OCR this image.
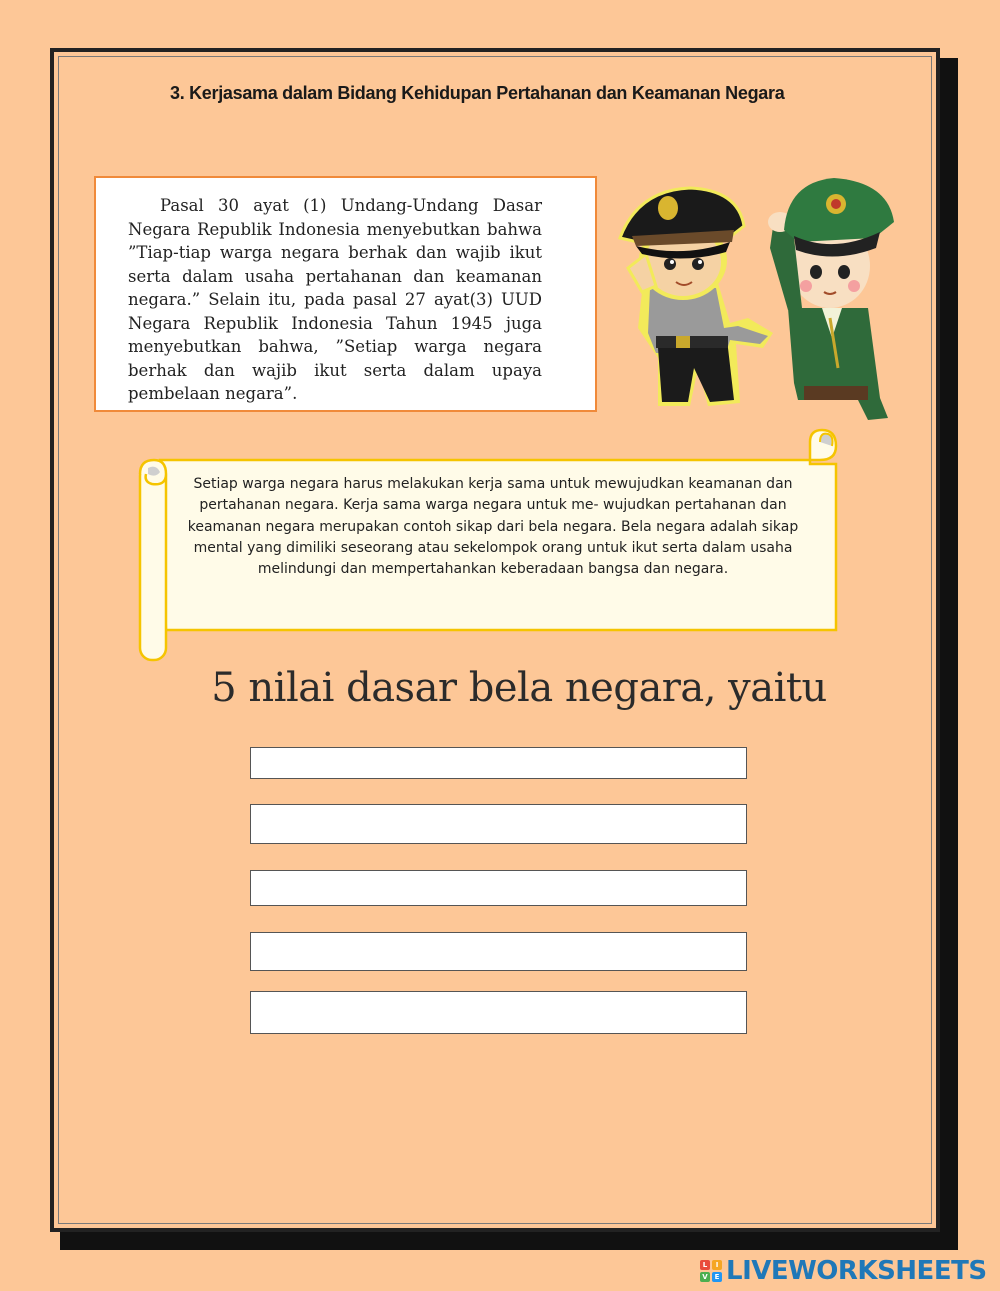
3. Kerjasama dalam Bidang Kehidupan Pertahanan dan Keamanan Negara

Pasal 30 ayat (1) Undang-Undang Dasar Negara Republik Indonesia menyebutkan bahwa ”Tiap-tiap warga negara berhak dan wajib ikut serta dalam usaha pertahanan dan keamanan negara.” Selain itu, pada pasal 27 ayat(3) UUD Negara Republik Indonesia Tahun 1945 juga menyebutkan bahwa, ”Setiap warga negara berhak dan wajib ikut serta dalam upaya pembelaan negara”.

Setiap warga negara harus melakukan kerja sama untuk mewujudkan keamanan dan pertahanan negara. Kerja sama warga negara untuk me- wujudkan pertahanan dan keamanan negara merupakan contoh sikap dari bela negara. Bela negara adalah sikap mental yang dimiliki seseorang atau sekelompok orang untuk ikut serta dalam usaha melindungi dan mempertahankan keberadaan bangsa dan negara.

5 nilai dasar bela negara, yaitu
L	I
V E LIVEWORKSHEETS
